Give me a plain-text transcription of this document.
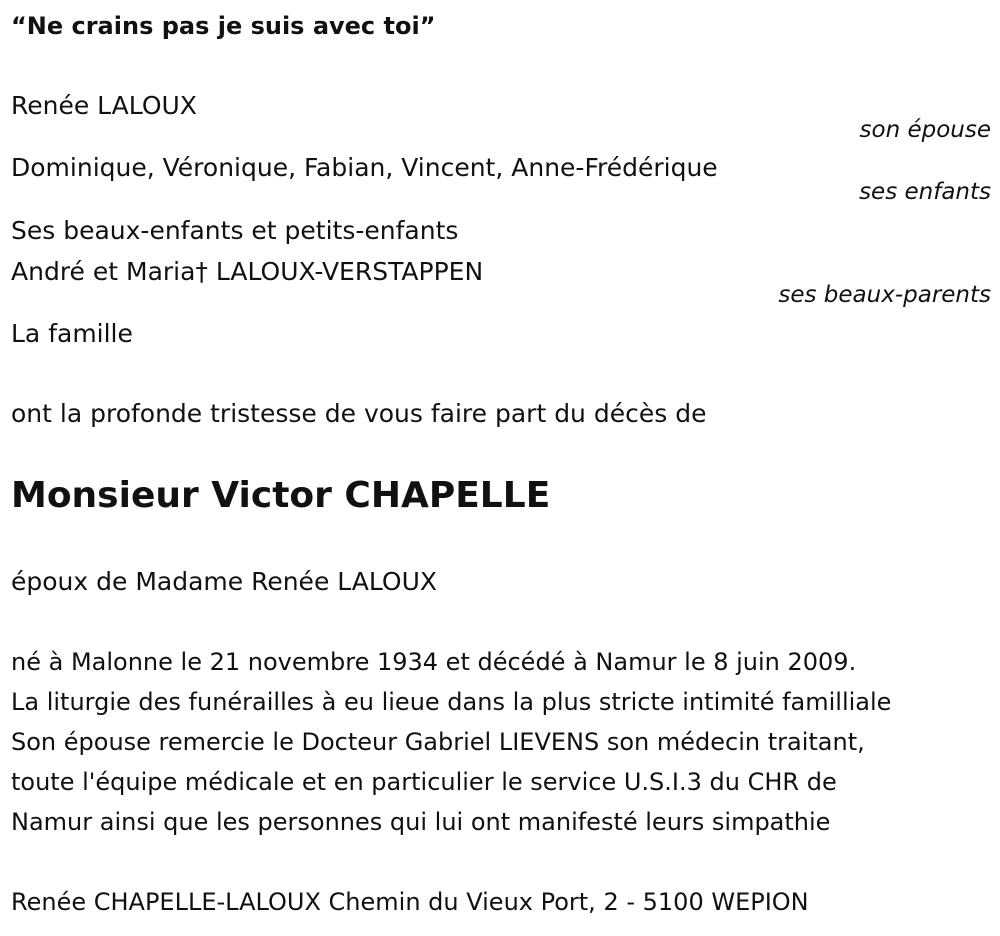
“Ne crains pas je suis avec toi”
Renée LALOUX
son épouse
Dominique, Véronique, Fabian, Vincent, Anne-Frédérique
ses enfants
Ses beaux-enfants et petits-enfants
André et Maria† LALOUX-VERSTAPPEN
ses beaux-parents
La famille
ont la profonde tristesse de vous faire part du décès de
Monsieur Victor CHAPELLE
époux de Madame Renée LALOUX
né à Malonne le 21 novembre 1934 et décédé à Namur le 8 juin 2009.
La liturgie des funérailles à eu lieue dans la plus stricte intimité familliale
Son épouse remercie le Docteur Gabriel LIEVENS son médecin traitant,
toute l'équipe médicale et en particulier le service U.S.I.3 du CHR de
Namur ainsi que les personnes qui lui ont manifesté leurs simpathie
Renée CHAPELLE-LALOUX Chemin du Vieux Port, 2 - 5100 WEPION
